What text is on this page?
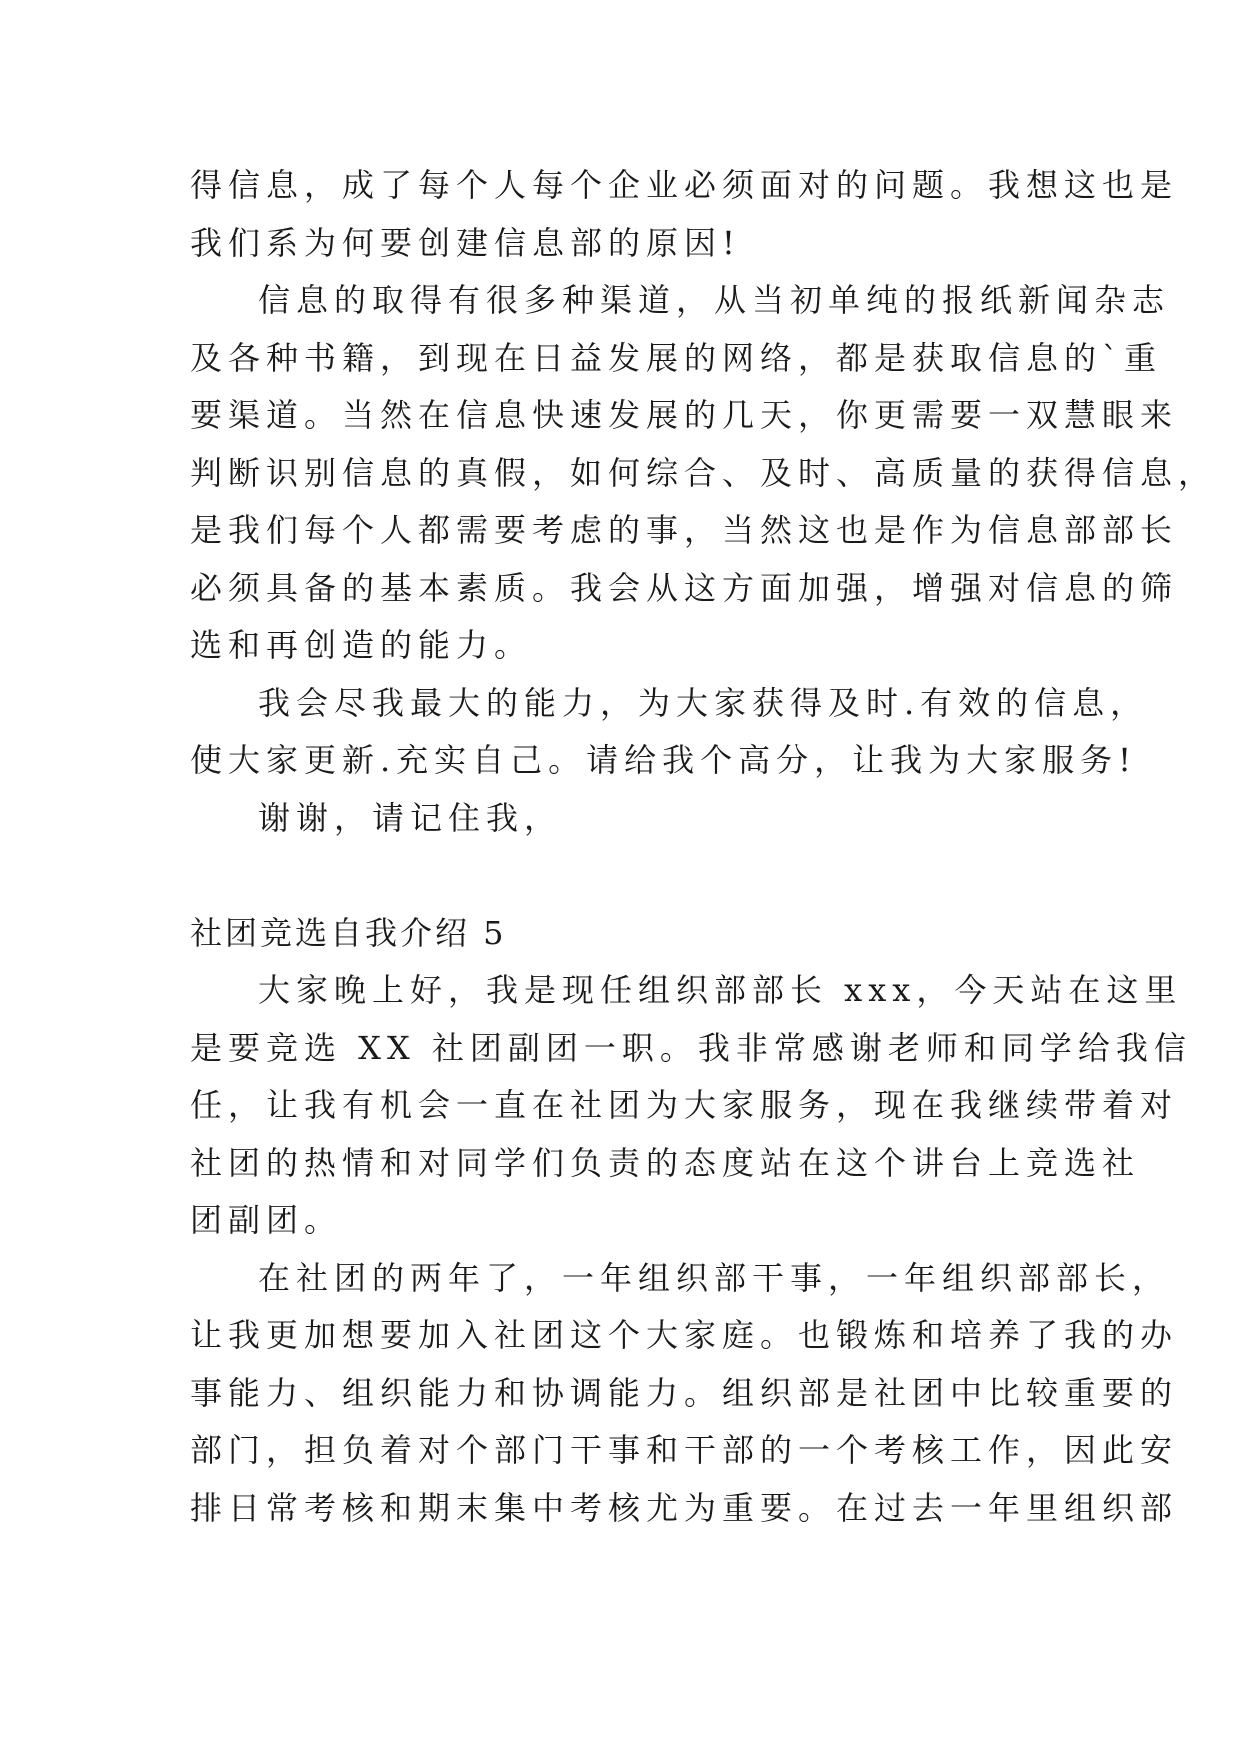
得信息，成了每个人每个企业必须面对的问题。我想这也是
我们系为何要创建信息部的原因!
信息的取得有很多种渠道，从当初单纯的报纸新闻杂志
及各种书籍，到现在日益发展的网络，都是获取信息的`重
要渠道。当然在信息快速发展的几天，你更需要一双慧眼来
判断识别信息的真假，如何综合、及时、高质量的获得信息，
是我们每个人都需要考虑的事，当然这也是作为信息部部长
必须具备的基本素质。我会从这方面加强，增强对信息的筛
选和再创造的能力。
我会尽我最大的能力，为大家获得及时.有效的信息，
使大家更新.充实自己。请给我个高分，让我为大家服务!
谢谢，请记住我，
社团竞选自我介绍 5
大家晚上好，我是现任组织部部长 xxx，今天站在这里
是要竞选 XX 社团副团一职。我非常感谢老师和同学给我信
任，让我有机会一直在社团为大家服务，现在我继续带着对
社团的热情和对同学们负责的态度站在这个讲台上竞选社
团副团。
在社团的两年了，一年组织部干事，一年组织部部长，
让我更加想要加入社团这个大家庭。也锻炼和培养了我的办
事能力、组织能力和协调能力。组织部是社团中比较重要的
部门，担负着对个部门干事和干部的一个考核工作，因此安
排日常考核和期末集中考核尤为重要。在过去一年里组织部
